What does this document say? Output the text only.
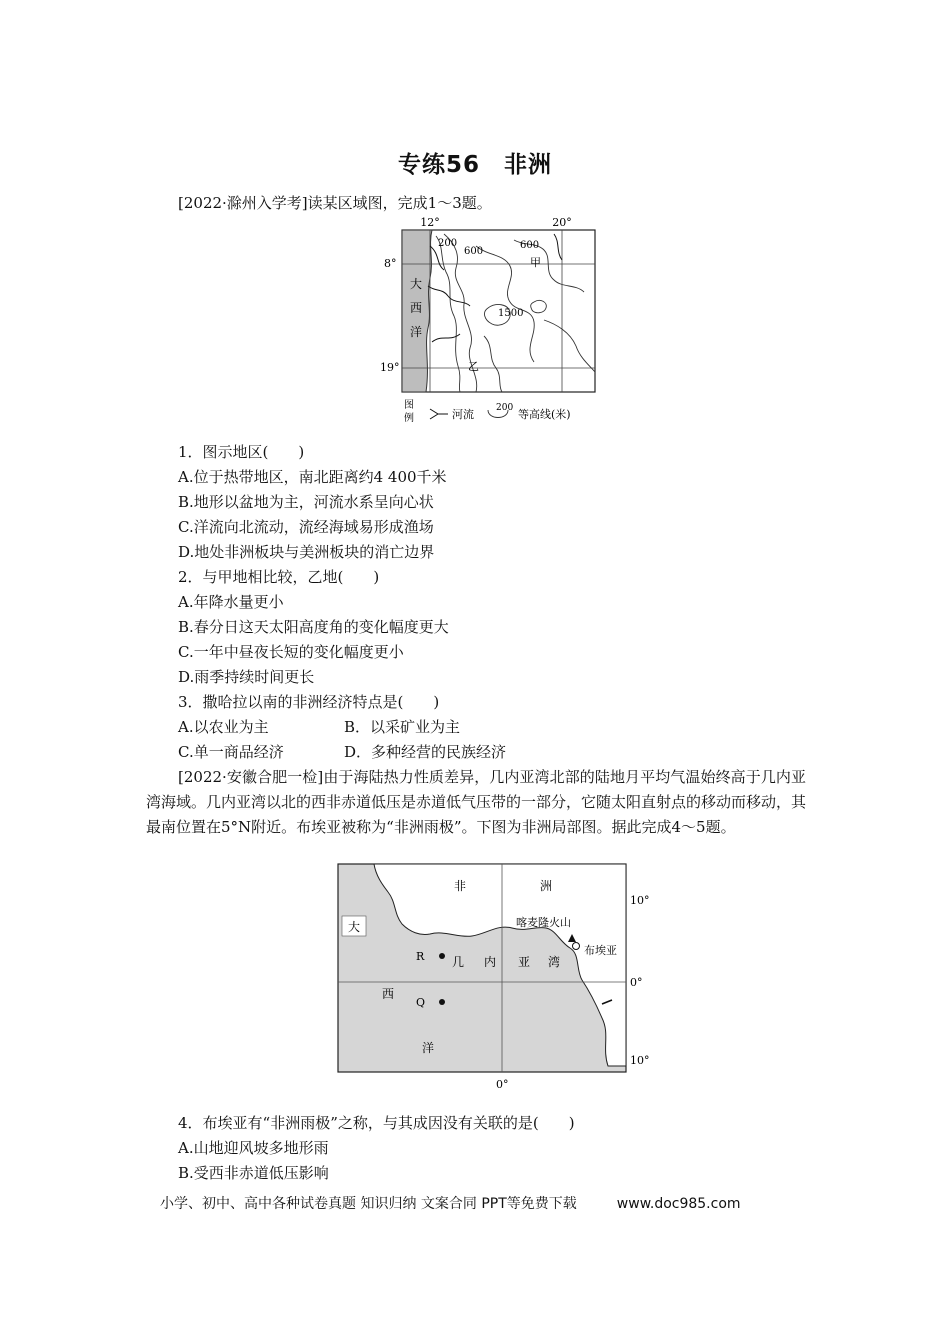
专练56　非洲
[2022·滁州入学考]读某区域图，完成1～3题。
12°	20°
8°
19°
大
西
洋
200
600
600
1500
甲
乙
图
例	河流 200 等高线(米)
1．图示地区(　　)
A.位于热带地区，南北距离约4 400千米
B.地形以盆地为主，河流水系呈向心状
C.洋流向北流动，流经海域易形成渔场
D.地处非洲板块与美洲板块的消亡边界
2．与甲地相比较，乙地(　　)
A.年降水量更小
B.春分日这天太阳高度角的变化幅度更大
C.一年中昼夜长短的变化幅度更小
D.雨季持续时间更长
3．撒哈拉以南的非洲经济特点是(　　)
A.以农业为主	B．以采矿业为主
C.单一商品经济	D．多种经营的民族经济
[2022·安徽合肥一检]由于海陆热力性质差异，几内亚湾北部的陆地月平均气温始终高于几内亚湾海域。几内亚湾以北的西非赤道低压是赤道低气压带的一部分，它随太阳直射点的移动而移动，其最南位置在5°N附近。布埃亚被称为“非洲雨极”。下图为非洲局部图。据此完成4～5题。
非	洲
大
西
洋
几 内 亚 湾
喀麦隆火山
布埃亚
R
Q
10°
0°
10°
0°
4．布埃亚有“非洲雨极”之称，与其成因没有关联的是(　　)
A.山地迎风坡多地形雨
B.受西非赤道低压影响
小学、初中、高中各种试卷真题 知识归纳 文案合同 PPT等免费下载	www.doc985.com
